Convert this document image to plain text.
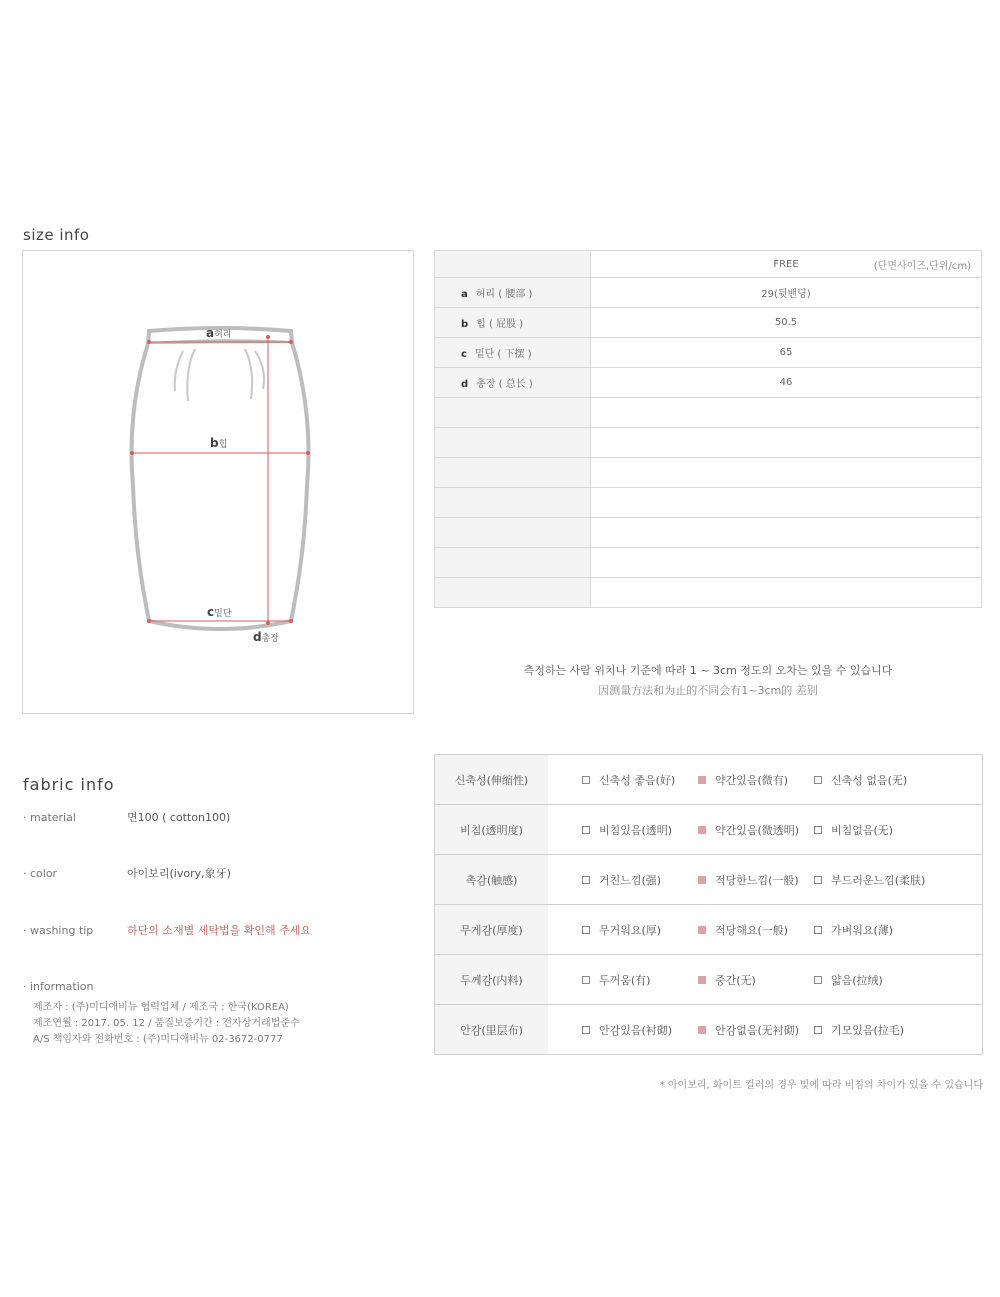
size info
a허리
b힙
c밑단
d총장
	FREE (단면사이즈,단위/cm)

a 허리 ( 腰部 )	29(뒷밴딩)
b 힙 ( 屁股 )	50.5
c 밑단 ( 下摆 )	65
d 총장 ( 总长 )	46

측정하는 사람 위치나 기준에 따라 1 ~ 3cm 정도의 오차는 있을 수 있습니다
因测量方法和为止的不同会有1~3cm的 差别
fabric info
· material	면100 ( cotton100)
· color	아이보리(ivory,象牙)
· washing tip	하단의 소재별 세탁법을 확인해 주세요
· information
제조자 : (주)미디애비뉴 협력업체 / 제조국 : 한국(KOREA)
제조연월 : 2017. 05. 12 / 품질보증기간 : 전자상거래법준수
A/S 책임자와 전화번호 : (주)미디애비뉴 02-3672-0777
신축성(伸缩性)	신축성 좋음(好) 약간있음(微有) 신축성 없음(无)

비침(透明度)	비침있음(透明) 약간있음(微透明) 비침없음(无)

촉감(触感)	거친느낌(强) 적당한느낌(一般) 부드러운느낌(柔肤)

무게감(厚度)	무거워요(厚) 적당해요(一般) 가벼워요(薄)

두께감(内料)	두꺼움(有) 중간(无) 얇음(拉绒)

안감(里层布)	안감있음(衬砌) 안감없음(无衬砌) 기모있음(拉毛)
* 아이보리, 화이트 컬러의 경우 빛에 따라 비침의 차이가 있을 수 있습니다
